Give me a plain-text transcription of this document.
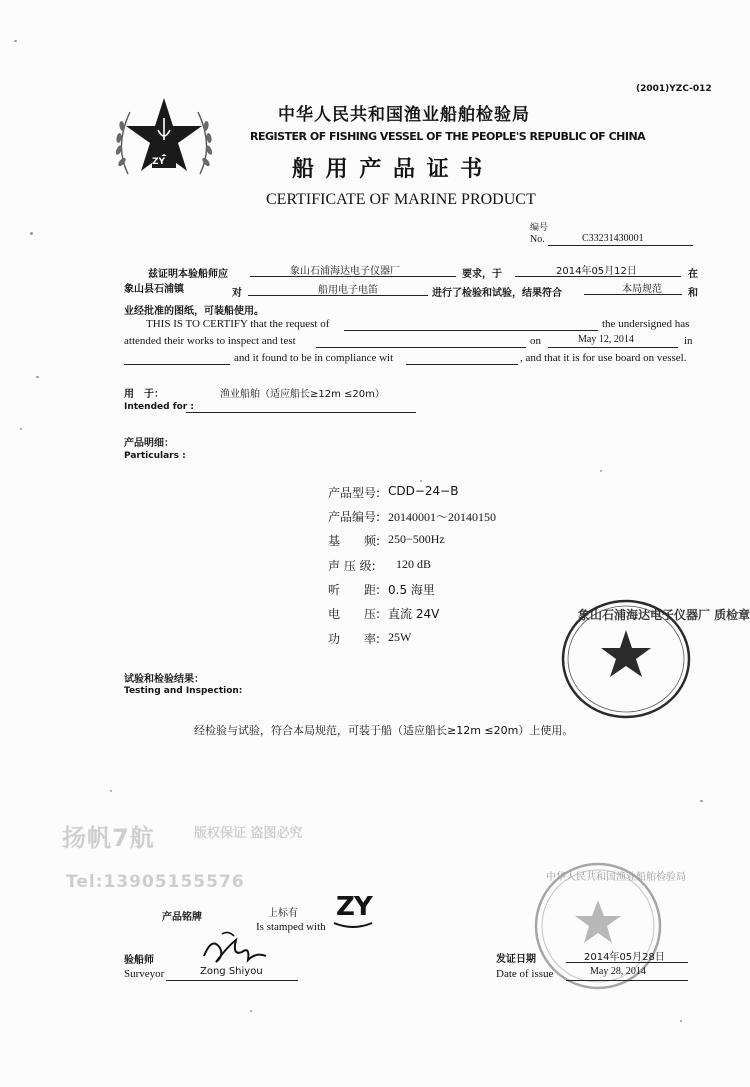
(2001)YZC-012
ZY
中华人民共和国渔业船舶检验局
REGISTER OF FISHING VESSEL OF THE PEOPLE'S REPUBLIC OF CHINA
船 用 产 品 证 书
CERTIFICATE OF MARINE PRODUCT
编号
No.	C33231430001
兹证明本验船师应	象山石浦海达电子仪器厂	要求，于	2014年05月12日	在
象山县石浦镇	对	船用电子电笛	进行了检验和试验，结果符合	本局规范	和
业经批准的图纸，可装船使用。
THIS IS TO CERTIFY that the request of	the undersigned has
attended their works to inspect and test	on	May 12, 2014	in
and it found to be in compliance wit	, and that it is for use board on vessel.
用　于：	渔业船舶（适应船长≥12m ≤20m）
Intended for :
产品明细：
Particulars :
产品型号: CDD−24−B
产品编号: 20140001～20140150
基　　频: 250−500Hz
声 压 级: 120 dB
听　　距: 0.5 海里
电　　压: 直流 24V
功　　率: 25W
象山石浦海达电子仪器厂 质检章
试验和检验结果：
Testing and Inspection:
经检验与试验，符合本局规范，可装于船（适应船长≥12m ≤20m）上使用。
中华人民共和国渔业船舶检验局
扬帆7航	版权保证 盗图必究
Tel:13905155576
产品铭牌	上标有
Is stamped with
ZY
验船师
Surveyor	Zong Shiyou
发证日期	2014年05月28日
Date of issue	May 28, 2014
